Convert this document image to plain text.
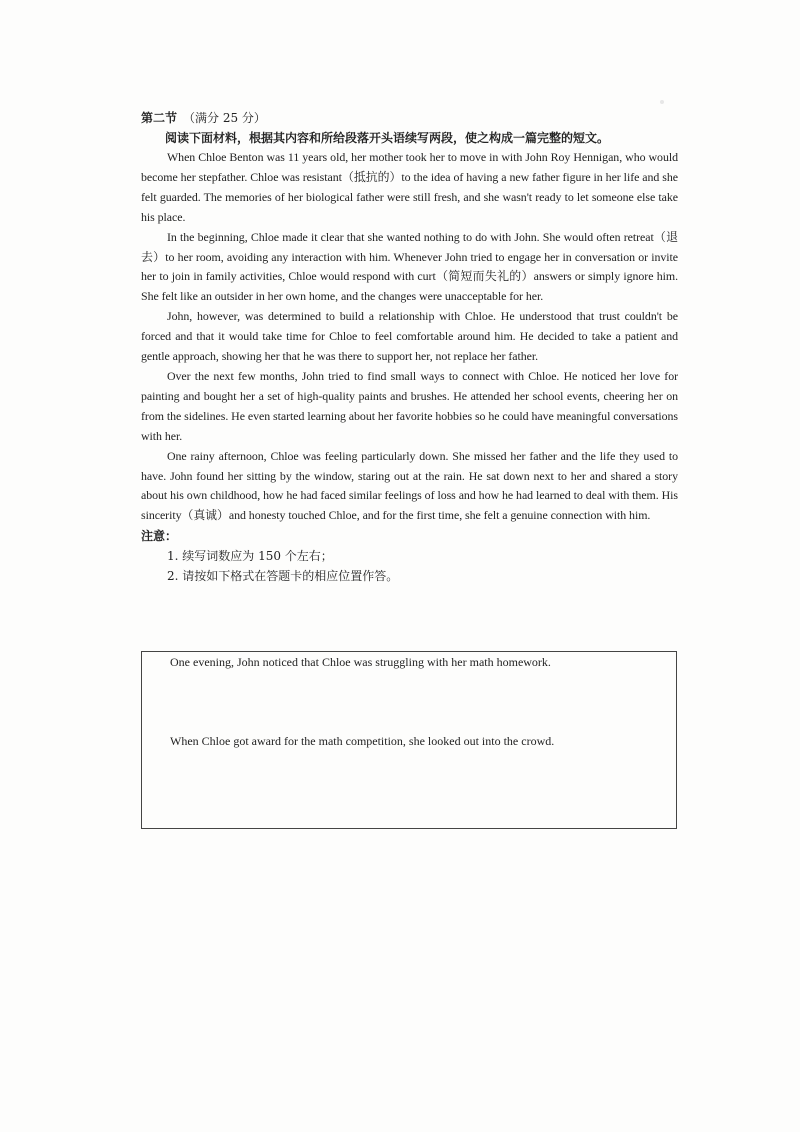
第二节 （满分 25 分）

阅读下面材料，根据其内容和所给段落开头语续写两段，使之构成一篇完整的短文。

When Chloe Benton was 11 years old, her mother took her to move in with John Roy Hennigan, who would become her stepfather. Chloe was resistant（抵抗的）to the idea of having a new father figure in her life and she felt guarded. The memories of her biological father were still fresh, and she wasn't ready to let someone else take his place.

In the beginning, Chloe made it clear that she wanted nothing to do with John. She would often retreat（退去）to her room, avoiding any interaction with him. Whenever John tried to engage her in conversation or invite her to join in family activities, Chloe would respond with curt（简短而失礼的）answers or simply ignore him. She felt like an outsider in her own home, and the changes were unacceptable for her.

John, however, was determined to build a relationship with Chloe. He understood that trust couldn't be forced and that it would take time for Chloe to feel comfortable around him. He decided to take a patient and gentle approach, showing her that he was there to support her, not replace her father.

Over the next few months, John tried to find small ways to connect with Chloe. He noticed her love for painting and bought her a set of high-quality paints and brushes. He attended her school events, cheering her on from the sidelines. He even started learning about her favorite hobbies so he could have meaningful conversations with her.

One rainy afternoon, Chloe was feeling particularly down. She missed her father and the life they used to have. John found her sitting by the window, staring out at the rain. He sat down next to her and shared a story about his own childhood, how he had faced similar feelings of loss and how he had learned to deal with them. His sincerity（真诚）and honesty touched Chloe, and for the first time, she felt a genuine connection with him.

注意：

1. 续写词数应为 150 个左右；

2. 请按如下格式在答题卡的相应位置作答。

One evening, John noticed that Chloe was struggling with her math homework.
When Chloe got award for the math competition, she looked out into the crowd.
